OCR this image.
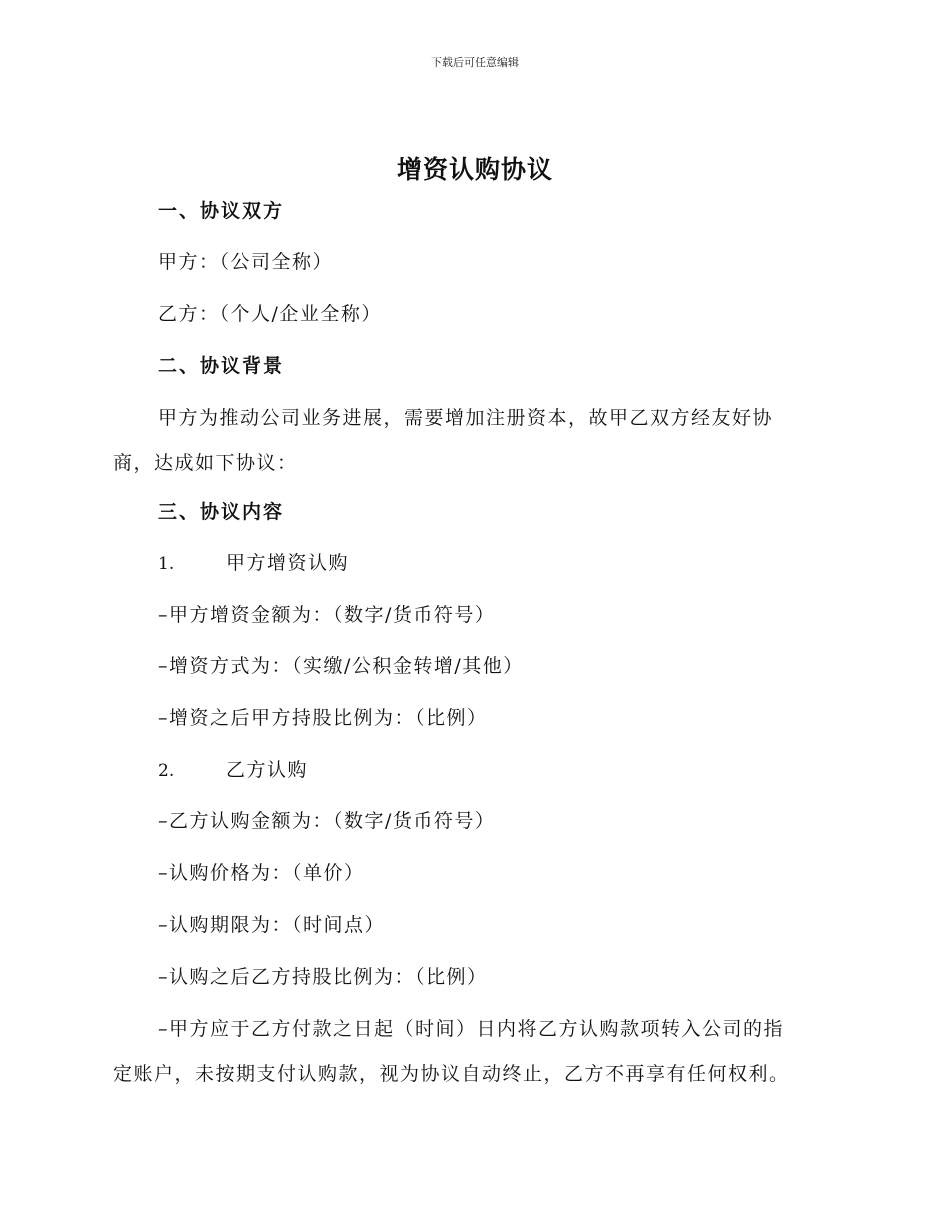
下载后可任意编辑
增资认购协议
一、协议双方
甲方：（公司全称）
乙方：（个人/企业全称）
二、协议背景
甲方为推动公司业务进展，需要增加注册资本，故甲乙双方经友好协
商，达成如下协议：
三、协议内容
1.	甲方增资认购
–甲方增资金额为：（数字/货币符号）
–增资方式为：（实缴/公积金转增/其他）
–增资之后甲方持股比例为：（比例）
2.	乙方认购
–乙方认购金额为：（数字/货币符号）
–认购价格为：（单价）
–认购期限为：（时间点）
–认购之后乙方持股比例为：（比例）
–甲方应于乙方付款之日起（时间）日内将乙方认购款项转入公司的指
定账户，未按期支付认购款，视为协议自动终止，乙方不再享有任何权利。
